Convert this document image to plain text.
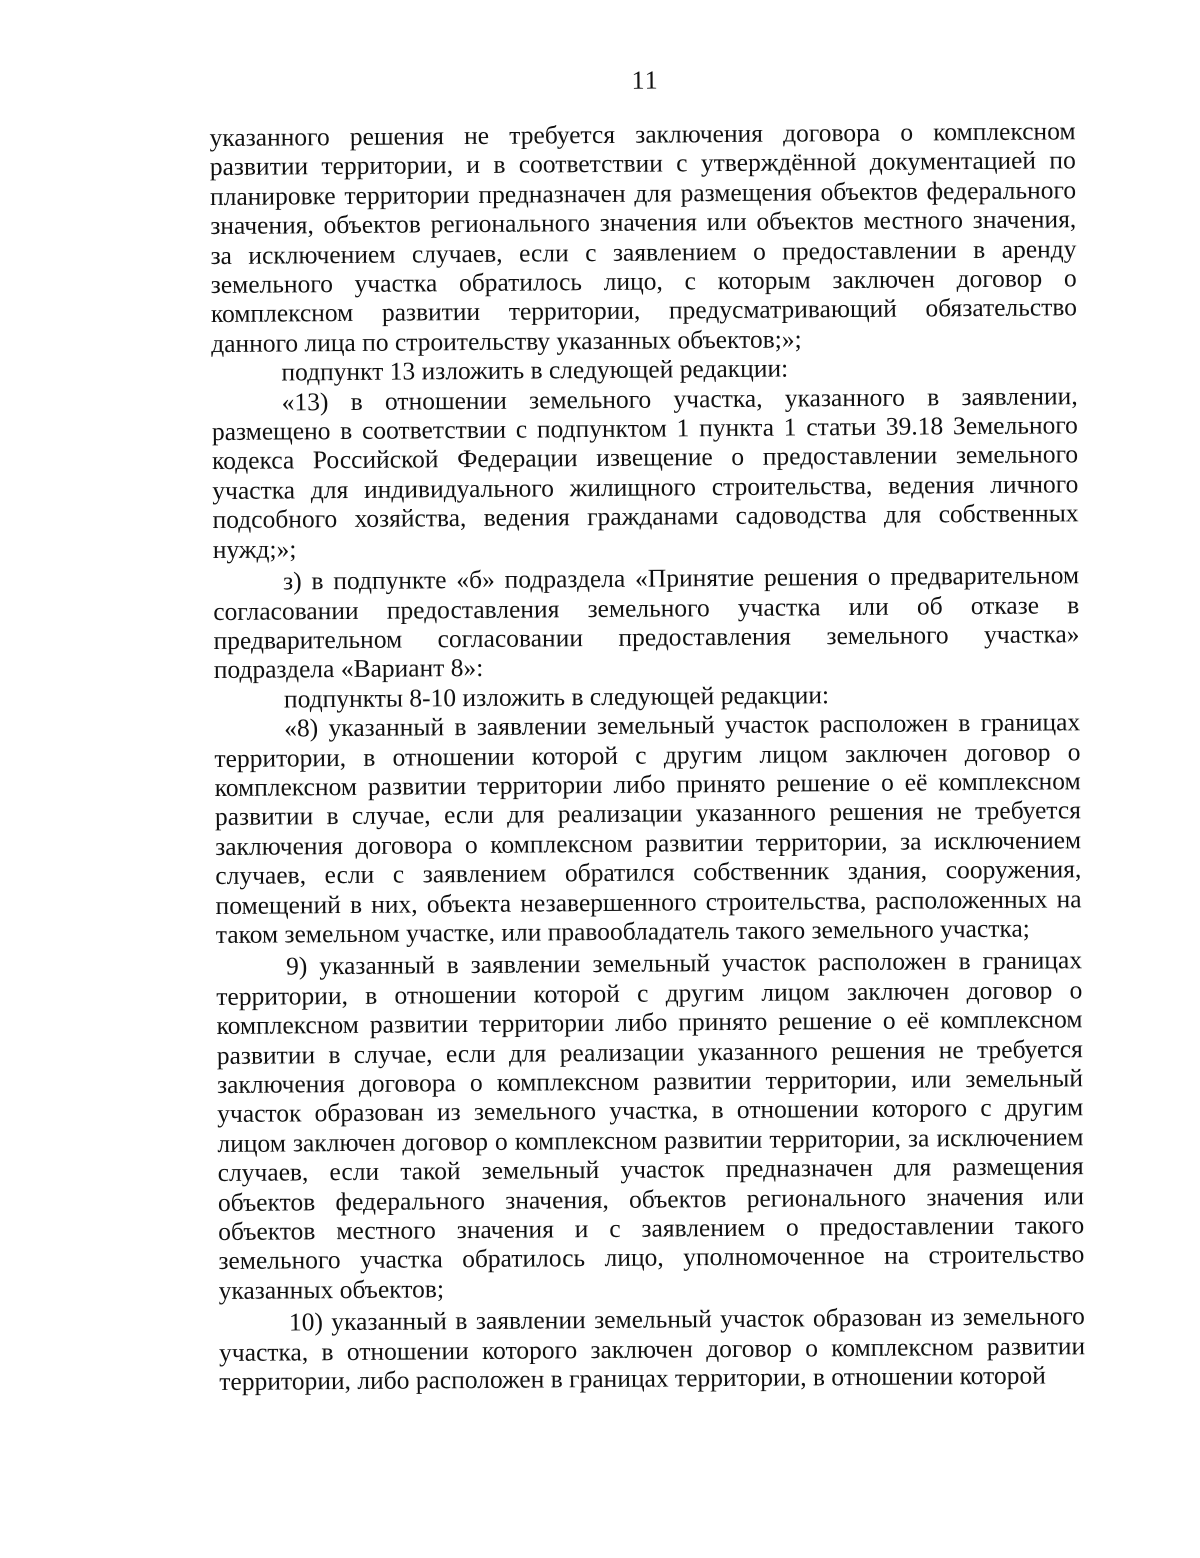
11

указанного решения не требуется заключения договора о комплексном развитии территории, и в соответствии с утверждённой документацией по планировке территории предназначен для размещения объектов федерального значения, объектов регионального значения или объектов местного значения, за исключением случаев, если с заявлением о предоставлении в аренду земельного участка обратилось лицо, с которым заключен договор о комплексном развитии территории, предусматривающий обязательство данного лица по строительству указанных объектов;»;

подпункт 13 изложить в следующей редакции:

«13) в отношении земельного участка, указанного в заявлении, размещено в соответствии с подпунктом 1 пункта 1 статьи 39.18 Земельного кодекса Российской Федерации извещение о предоставлении земельного участка для индивидуального жилищного строительства, ведения личного подсобного хозяйства, ведения гражданами садоводства для собственных нужд;»;

з) в подпункте «б» подраздела «Принятие решения о предварительном согласовании предоставления земельного участка или об отказе в предварительном согласовании предоставления земельного участка» подраздела «Вариант 8»:

подпункты 8-10 изложить в следующей редакции:

«8) указанный в заявлении земельный участок расположен в границах территории, в отношении которой с другим лицом заключен договор о комплексном развитии территории либо принято решение о её комплексном развитии в случае, если для реализации указанного решения не требуется заключения договора о комплексном развитии территории, за исключением случаев, если с заявлением обратился собственник здания, сооружения, помещений в них, объекта незавершенного строительства, расположенных на таком земельном участке, или правообладатель такого земельного участка;

9) указанный в заявлении земельный участок расположен в границах территории, в отношении которой с другим лицом заключен договор о комплексном развитии территории либо принято решение о её комплексном развитии в случае, если для реализации указанного решения не требуется заключения договора о комплексном развитии территории, или земельный участок образован из земельного участка, в отношении которого с другим лицом заключен договор о комплексном развитии территории, за исключением случаев, если такой земельный участок предназначен для размещения объектов федерального значения, объектов регионального значения или объектов местного значения и с заявлением о предоставлении такого земельного участка обратилось лицо, уполномоченное на строительство указанных объектов;

10) указанный в заявлении земельный участок образован из земельного участка, в отношении которого заключен договор о комплексном развитии территории, либо расположен в границах территории, в отношении которой
